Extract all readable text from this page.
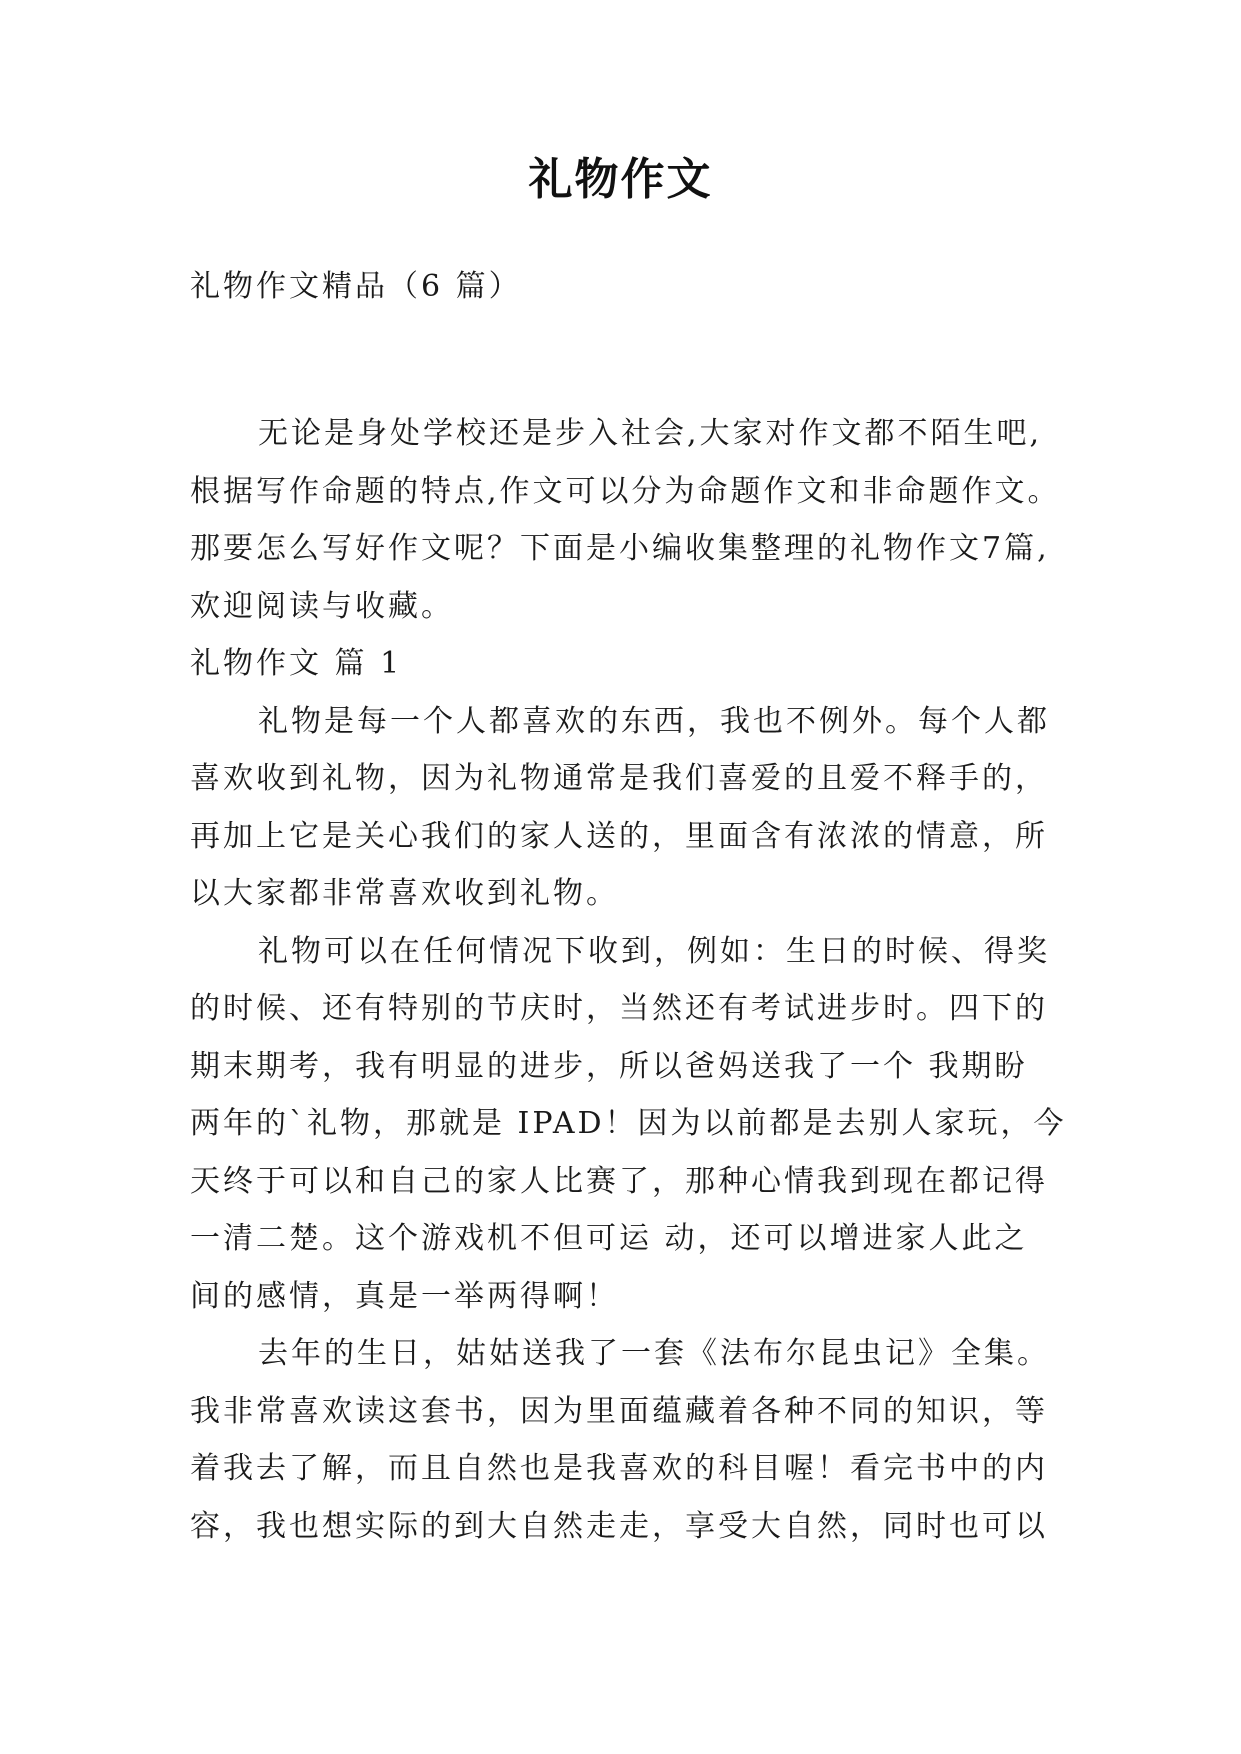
礼物作文
礼物作文精品（6 篇）
无论是身处学校还是步入社会,大家对作文都不陌生吧,
根据写作命题的特点,作文可以分为命题作文和非命题作文。
那要怎么写好作文呢？下面是小编收集整理的礼物作文7篇,
欢迎阅读与收藏。
礼物作文 篇 1
礼物是每一个人都喜欢的东西，我也不例外。每个人都
喜欢收到礼物，因为礼物通常是我们喜爱的且爱不释手的，
再加上它是关心我们的家人送的，里面含有浓浓的情意，所
以大家都非常喜欢收到礼物。
礼物可以在任何情况下收到，例如：生日的时候、得奖
的时候、还有特别的节庆时，当然还有考试进步时。四下的
期末期考，我有明显的进步，所以爸妈送我了一个 我期盼
两年的`礼物，那就是 IPAD！因为以前都是去别人家玩，今
天终于可以和自己的家人比赛了，那种心情我到现在都记得
一清二楚。这个游戏机不但可运 动，还可以增进家人此之
间的感情，真是一举两得啊！
去年的生日，姑姑送我了一套《法布尔昆虫记》全集。
我非常喜欢读这套书，因为里面蕴藏着各种不同的知识，等
着我去了解，而且自然也是我喜欢的科目喔！看完书中的内
容，我也想实际的到大自然走走，享受大自然，同时也可以
